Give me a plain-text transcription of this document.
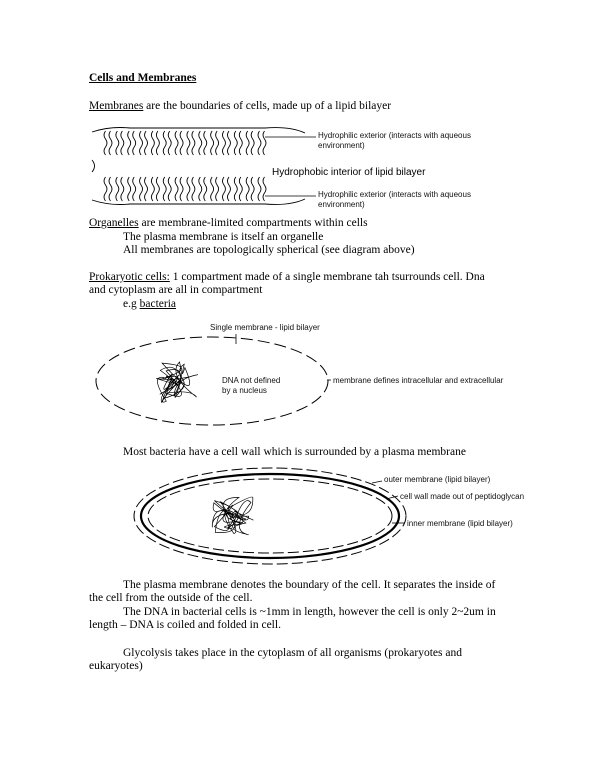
Cells and Membranes
Membranes are the boundaries of cells, made up of a lipid bilayer
Hydrophilic exterior (interacts with aqueous
environment)
Hydrophobic interior of lipid bilayer
Hydrophilic exterior (interacts with aqueous
environment)
Organelles are membrane-limited compartments within cells
The plasma membrane is itself an organelle
All membranes are topologically spherical (see diagram above)
Prokaryotic cells: 1 compartment made of a single membrane tah tsurrounds cell. Dna
and cytoplasm are all in compartment
e.g bacteria
Single membrane - lipid bilayer
DNA not defined
by a nucleus
membrane defines intracellular and extracellular
Most bacteria have a cell wall which is surrounded by a plasma membrane
outer membrane (lipid bilayer)
cell wall made out of peptidoglycan
inner membrane (lipid bilayer)
The plasma membrane denotes the boundary of the cell. It separates the inside of
the cell from the outside of the cell.
The DNA in bacterial cells is ~1mm in length, however the cell is only 2~2um in
length – DNA is coiled and folded in cell.
Glycolysis takes place in the cytoplasm of all organisms (prokaryotes and
eukaryotes)
